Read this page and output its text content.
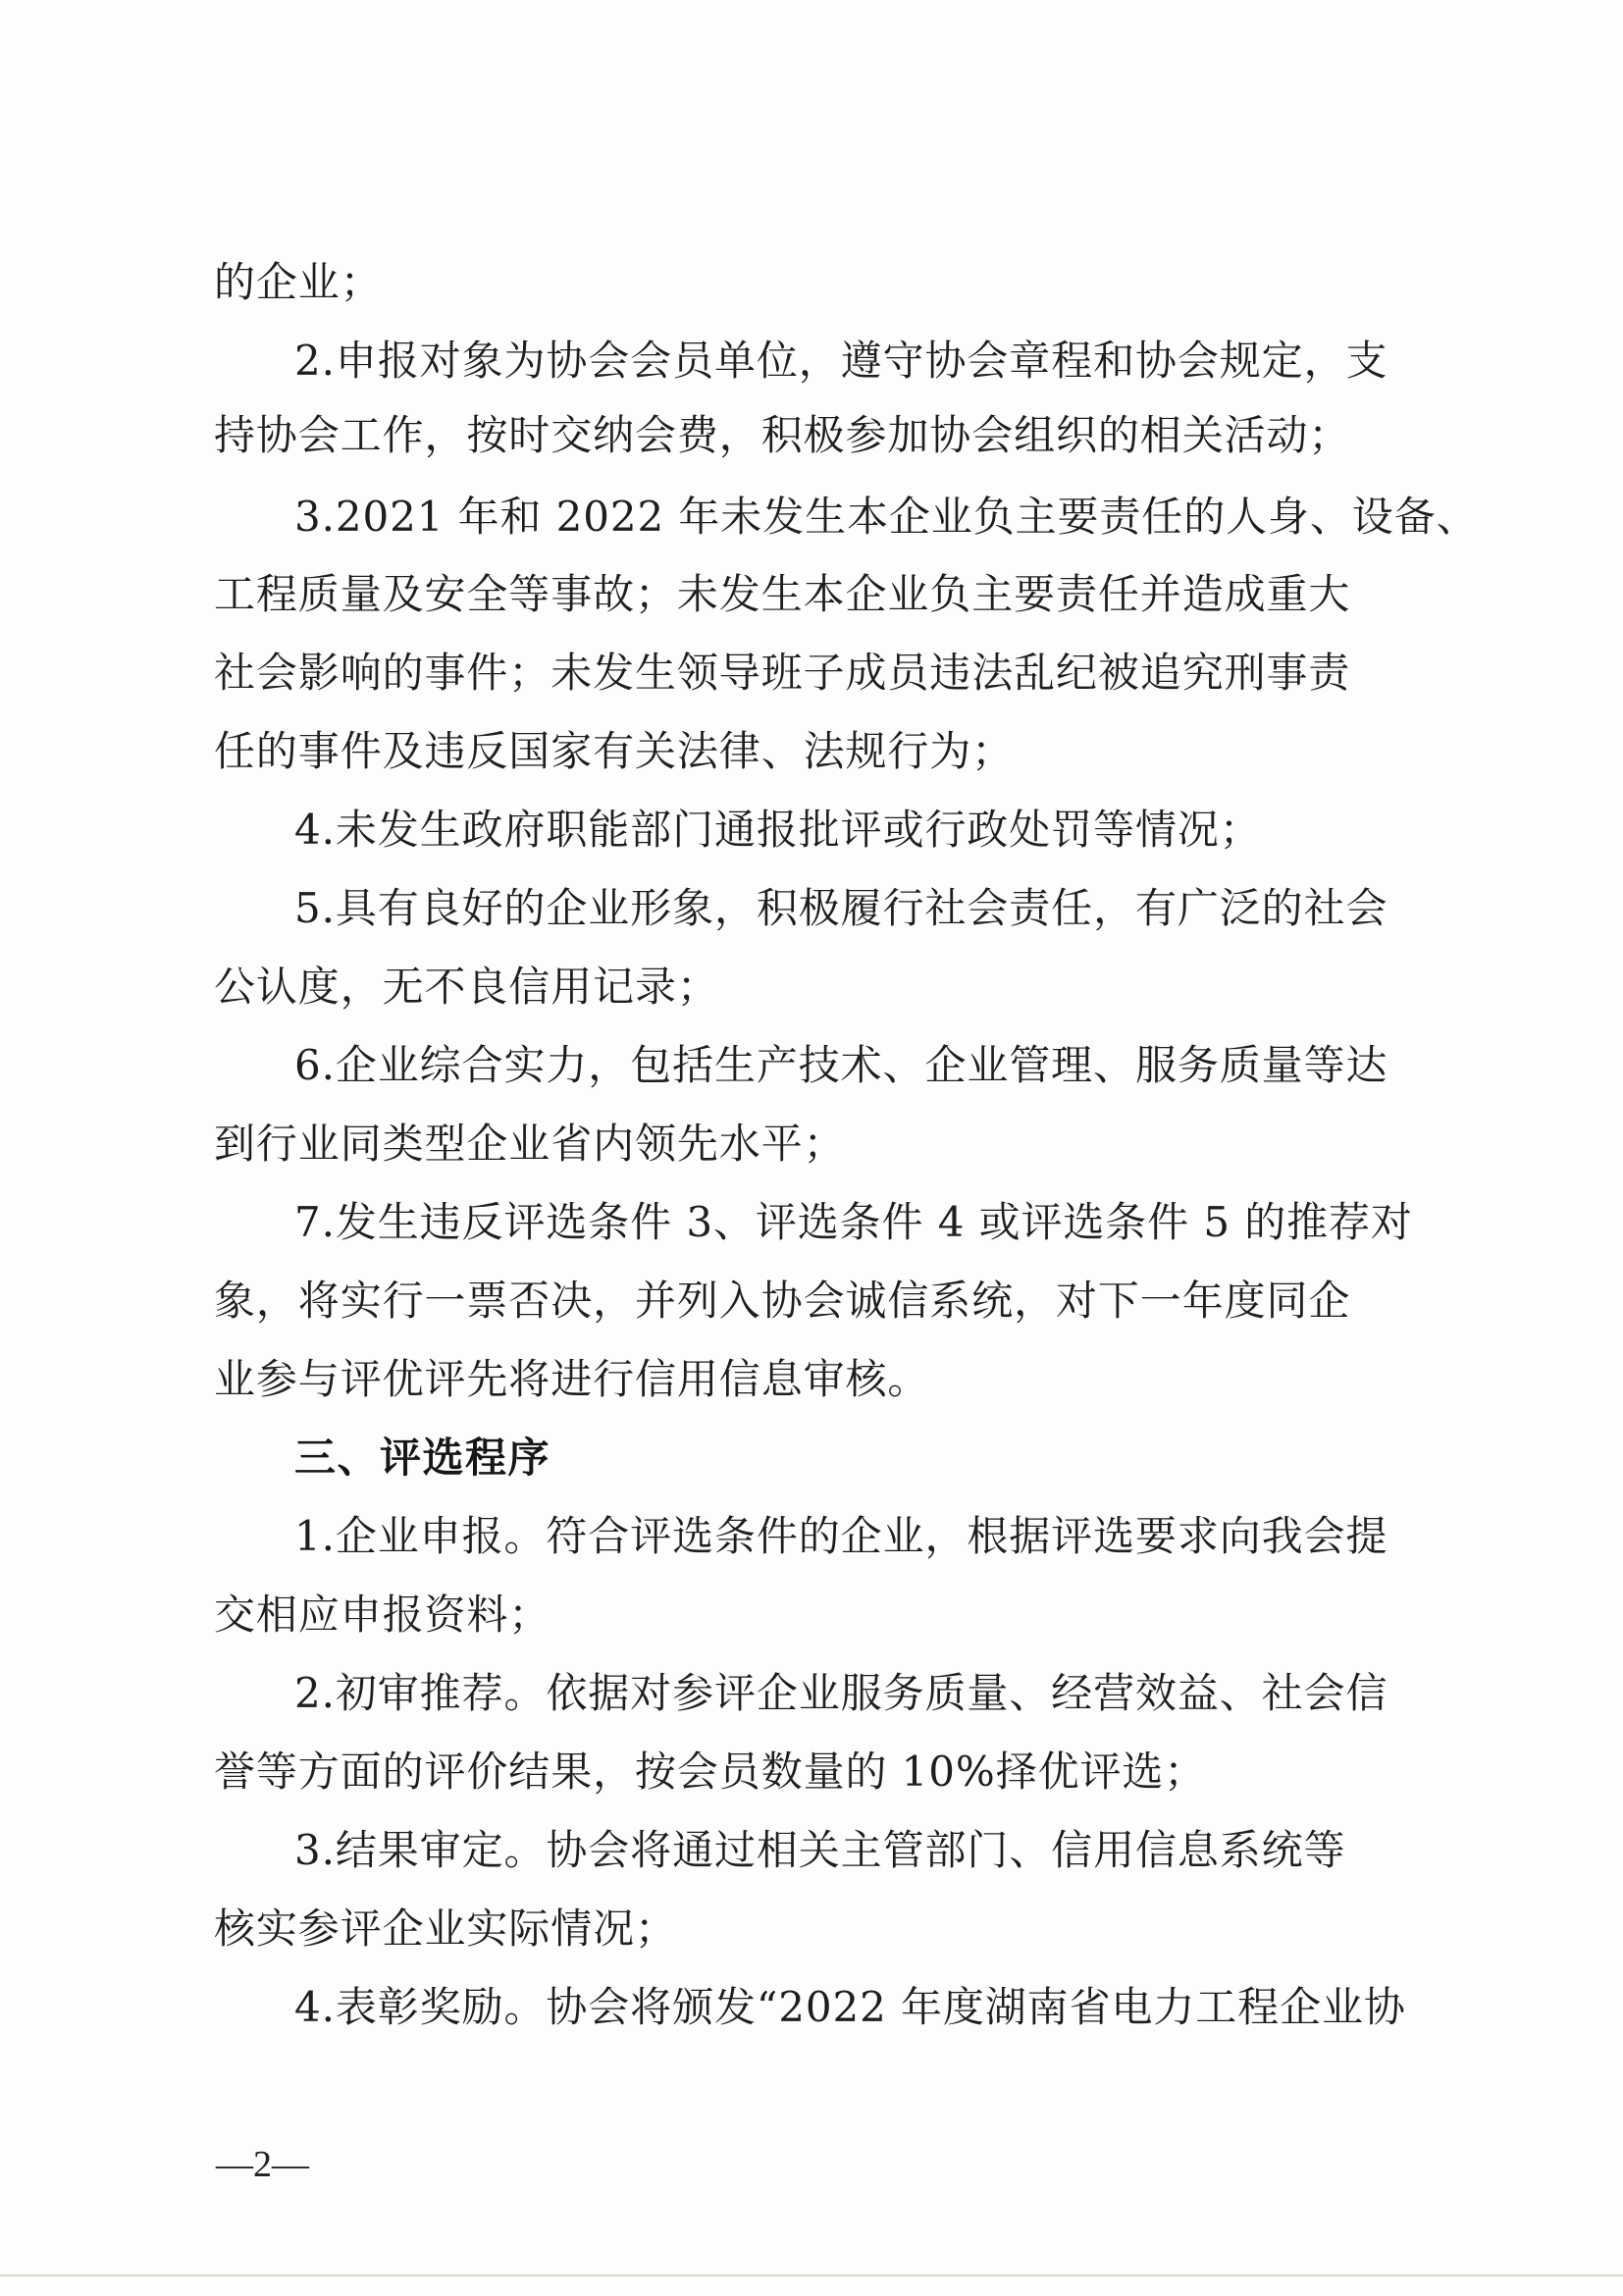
的企业；
2.申报对象为协会会员单位，遵守协会章程和协会规定，支
持协会工作，按时交纳会费，积极参加协会组织的相关活动；
3.2021 年和 2022 年未发生本企业负主要责任的人身、设备、
工程质量及安全等事故；未发生本企业负主要责任并造成重大
社会影响的事件；未发生领导班子成员违法乱纪被追究刑事责
任的事件及违反国家有关法律、法规行为；
4.未发生政府职能部门通报批评或行政处罚等情况；
5.具有良好的企业形象，积极履行社会责任，有广泛的社会
公认度，无不良信用记录；
6.企业综合实力，包括生产技术、企业管理、服务质量等达
到行业同类型企业省内领先水平；
7.发生违反评选条件 3、评选条件 4 或评选条件 5 的推荐对
象，将实行一票否决，并列入协会诚信系统，对下一年度同企
业参与评优评先将进行信用信息审核。
三、评选程序
1.企业申报。符合评选条件的企业，根据评选要求向我会提
交相应申报资料；
2.初审推荐。依据对参评企业服务质量、经营效益、社会信
誉等方面的评价结果，按会员数量的 10%择优评选；
3.结果审定。协会将通过相关主管部门、信用信息系统等
核实参评企业实际情况；
4.表彰奖励。协会将颁发“2022 年度湖南省电力工程企业协
—2—
